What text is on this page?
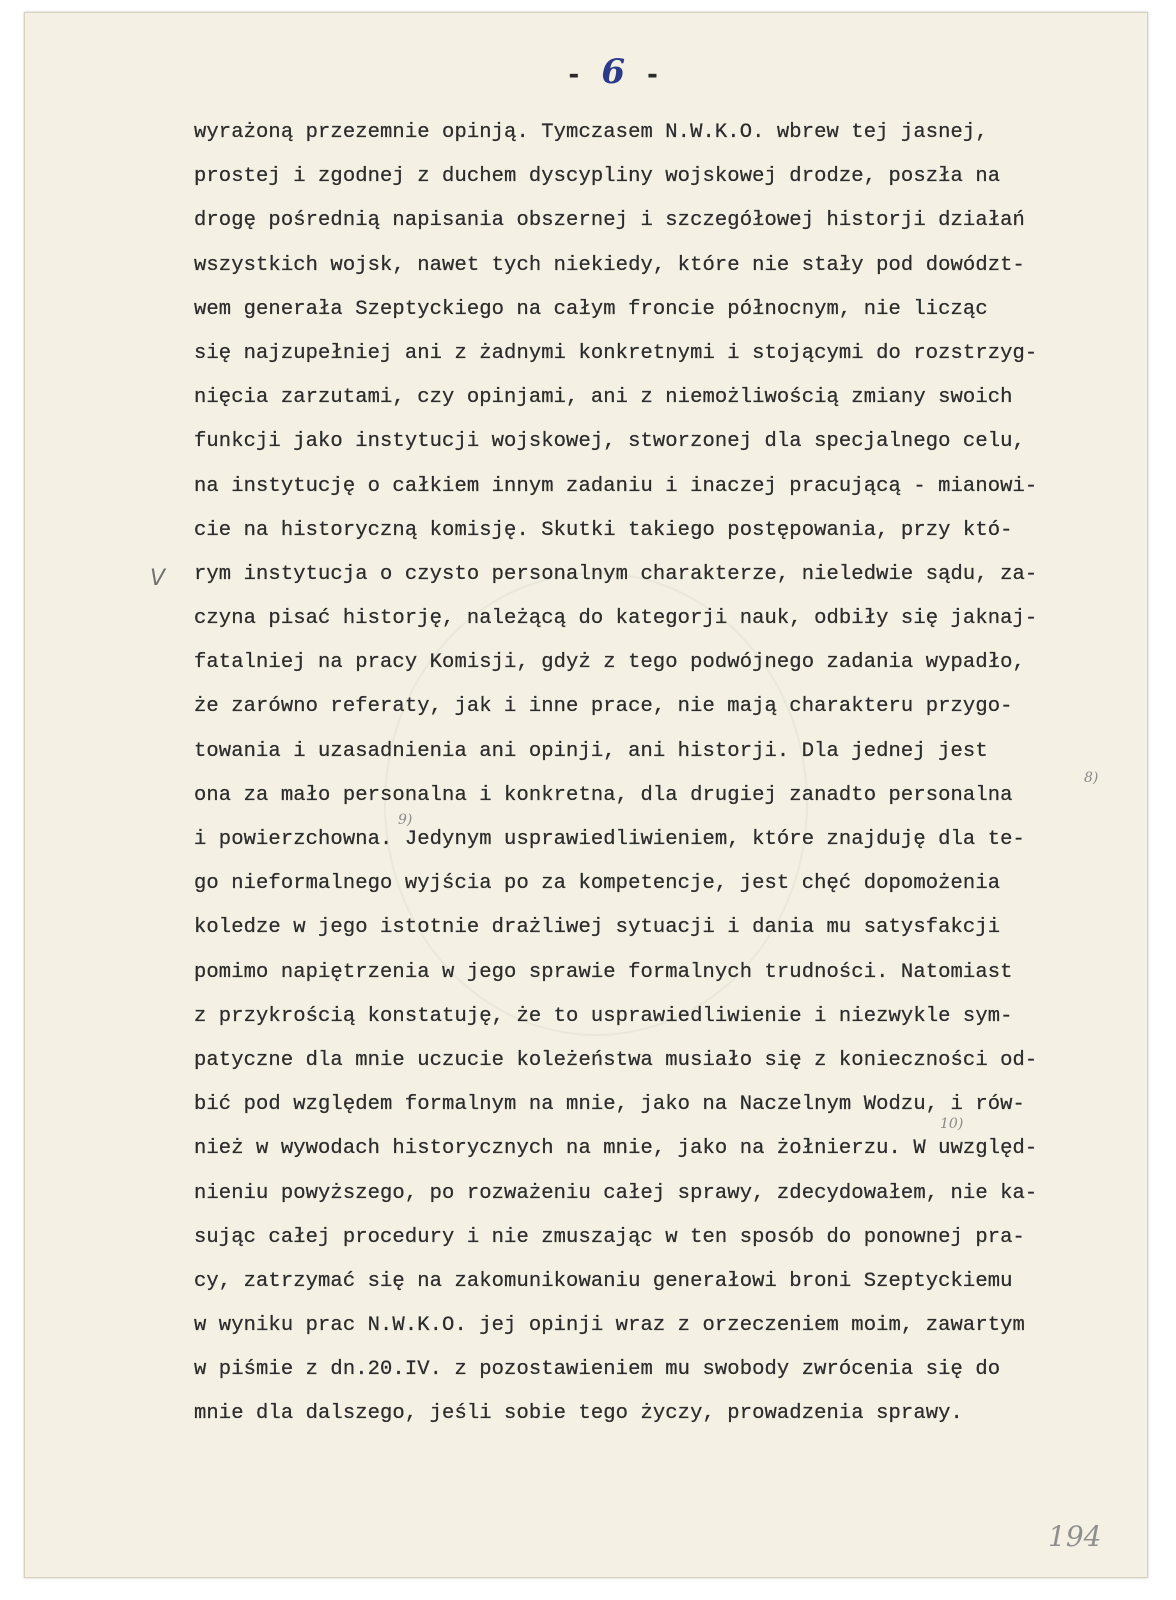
- 6 -
V
8)
9)
10)
wyrażoną przezemnie opinją. Tymczasem N.W.K.O. wbrew tej jasnej,
prostej i zgodnej z duchem dyscypliny wojskowej drodze, poszła na
drogę pośrednią napisania obszernej i szczegółowej historji działań
wszystkich wojsk, nawet tych niekiedy, które nie stały pod dowództ-
wem generała Szeptyckiego na całym froncie północnym, nie licząc
się najzupełniej ani z żadnymi konkretnymi i stojącymi do rozstrzyg-
nięcia zarzutami, czy opinjami, ani z niemożliwością zmiany swoich
funkcji jako instytucji wojskowej, stworzonej dla specjalnego celu,
na instytucję o całkiem innym zadaniu i inaczej pracującą - mianowi-
cie na historyczną komisję. Skutki takiego postępowania, przy któ-
rym instytucja o czysto personalnym charakterze, nieledwie sądu, za-
czyna pisać historję, należącą do kategorji nauk, odbiły się jaknaj-
fatalniej na pracy Komisji, gdyż z tego podwójnego zadania wypadło,
że zarówno referaty, jak i inne prace, nie mają charakteru przygo-
towania i uzasadnienia ani opinji, ani historji. Dla jednej jest
ona za mało personalna i konkretna, dla drugiej zanadto personalna
i powierzchowna. Jedynym usprawiedliwieniem, które znajduję dla te-
go nieformalnego wyjścia po za kompetencje, jest chęć dopomożenia
koledze w jego istotnie drażliwej sytuacji i dania mu satysfakcji
pomimo napiętrzenia w jego sprawie formalnych trudności. Natomiast
z przykrością konstatuję, że to usprawiedliwienie i niezwykle sym-
patyczne dla mnie uczucie koleżeństwa musiało się z konieczności od-
bić pod względem formalnym na mnie, jako na Naczelnym Wodzu, i rów-
nież w wywodach historycznych na mnie, jako na żołnierzu. W uwzględ-
nieniu powyższego, po rozważeniu całej sprawy, zdecydowałem, nie ka-
sując całej procedury i nie zmuszając w ten sposób do ponownej pra-
cy, zatrzymać się na zakomunikowaniu generałowi broni Szeptyckiemu
w wyniku prac N.W.K.O. jej opinji wraz z orzeczeniem moim, zawartym
w piśmie z dn.20.IV. z pozostawieniem mu swobody zwrócenia się do
mnie dla dalszego, jeśli sobie tego życzy, prowadzenia sprawy.
194
